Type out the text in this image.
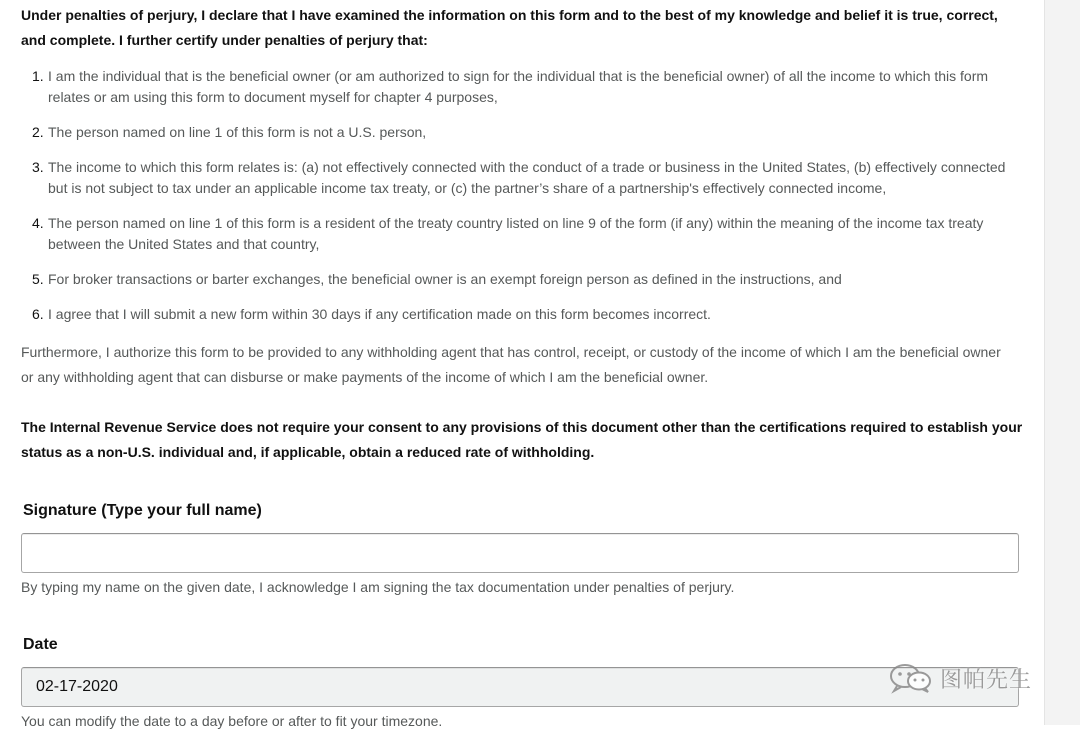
Under penalties of perjury, I declare that I have examined the information on this form and to the best of my knowledge and belief it is true, correct, and complete. I further certify under penalties of perjury that:
1. I am the individual that is the beneficial owner (or am authorized to sign for the individual that is the beneficial owner) of all the income to which this form relates or am using this form to document myself for chapter 4 purposes,
2. The person named on line 1 of this form is not a U.S. person,
3. The income to which this form relates is: (a) not effectively connected with the conduct of a trade or business in the United States, (b) effectively connected but is not subject to tax under an applicable income tax treaty, or (c) the partner’s share of a partnership's effectively connected income,
4. The person named on line 1 of this form is a resident of the treaty country listed on line 9 of the form (if any) within the meaning of the income tax treaty between the United States and that country,
5. For broker transactions or barter exchanges, the beneficial owner is an exempt foreign person as defined in the instructions, and
6. I agree that I will submit a new form within 30 days if any certification made on this form becomes incorrect.
Furthermore, I authorize this form to be provided to any withholding agent that has control, receipt, or custody of the income of which I am the beneficial owner or any withholding agent that can disburse or make payments of the income of which I am the beneficial owner.
The Internal Revenue Service does not require your consent to any provisions of this document other than the certifications required to establish your status as a non-U.S. individual and, if applicable, obtain a reduced rate of withholding.
Signature (Type your full name)
By typing my name on the given date, I acknowledge I am signing the tax documentation under penalties of perjury.
Date
02-17-2020
You can modify the date to a day before or after to fit your timezone.
图帕先生
